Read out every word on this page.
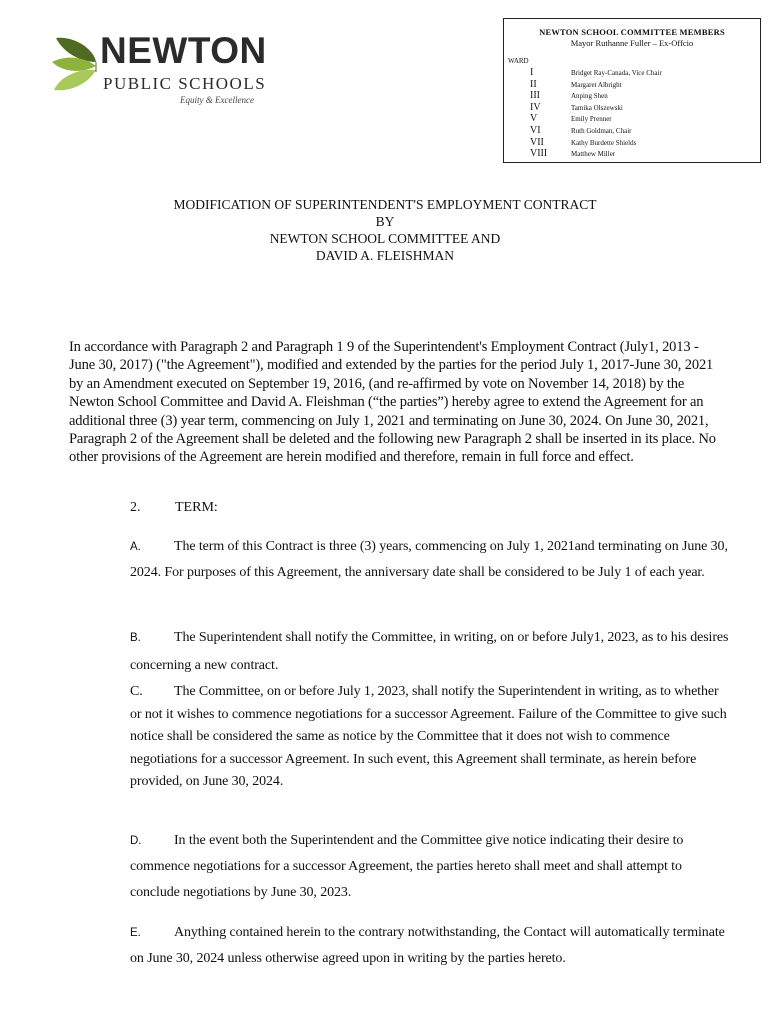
NEWTON
PUBLIC SCHOOLS
Equity & Excellence
NEWTON SCHOOL COMMITTEE MEMBERS
Mayor Ruthanne Fuller – Ex-Offcio
WARD
I	Bridget Ray-Canada, Vice Chair
II	Margaret Albright
III	Anping Shen
IV	Tamika Olszewski
V	Emily Prenner
VI	Ruth Goldman, Chair
VII	Kathy Burdette Shields
VIII	Matthew Miller
MODIFICATION OF SUPERINTENDENT'S EMPLOYMENT CONTRACT
BY
NEWTON SCHOOL COMMITTEE AND
DAVID A. FLEISHMAN
In accordance with Paragraph 2 and Paragraph 1 9 of the Superintendent's Employment Contract (July1, 2013 - June 30, 2017) ("the Agreement"), modified and extended by the parties for the period July 1, 2017-June 30, 2021 by an Amendment executed on September 19, 2016, (and re-affirmed by vote on November 14, 2018) by the Newton School Committee and David A. Fleishman (“the parties”) hereby agree to extend the Agreement for an additional three (3) year term, commencing on July 1, 2021 and terminating on June 30, 2024. On June 30, 2021, Paragraph 2 of the Agreement shall be deleted and the following new Paragraph 2 shall be inserted in its place. No other provisions of the Agreement are herein modified and therefore, remain in full force and effect.
2.	TERM:
A. The term of this Contract is three (3) years, commencing on July 1, 2021and terminating on June 30, 2024. For purposes of this Agreement, the anniversary date shall be considered to be July 1 of each year.
B. The Superintendent shall notify the Committee, in writing, on or before July1, 2023, as to his desires concerning a new contract.
C. The Committee, on or before July 1, 2023, shall notify the Superintendent in writing, as to whether or not it wishes to commence negotiations for a successor Agreement. Failure of the Committee to give such notice shall be considered the same as notice by the Committee that it does not wish to commence negotiations for a successor Agreement. In such event, this Agreement shall terminate, as herein before provided, on June 30, 2024.
D. In the event both the Superintendent and the Committee give notice indicating their desire to commence negotiations for a successor Agreement, the parties hereto shall meet and shall attempt to conclude negotiations by June 30, 2023.
E. Anything contained herein to the contrary notwithstanding, the Contact will automatically terminate on June 30, 2024 unless otherwise agreed upon in writing by the parties hereto.
